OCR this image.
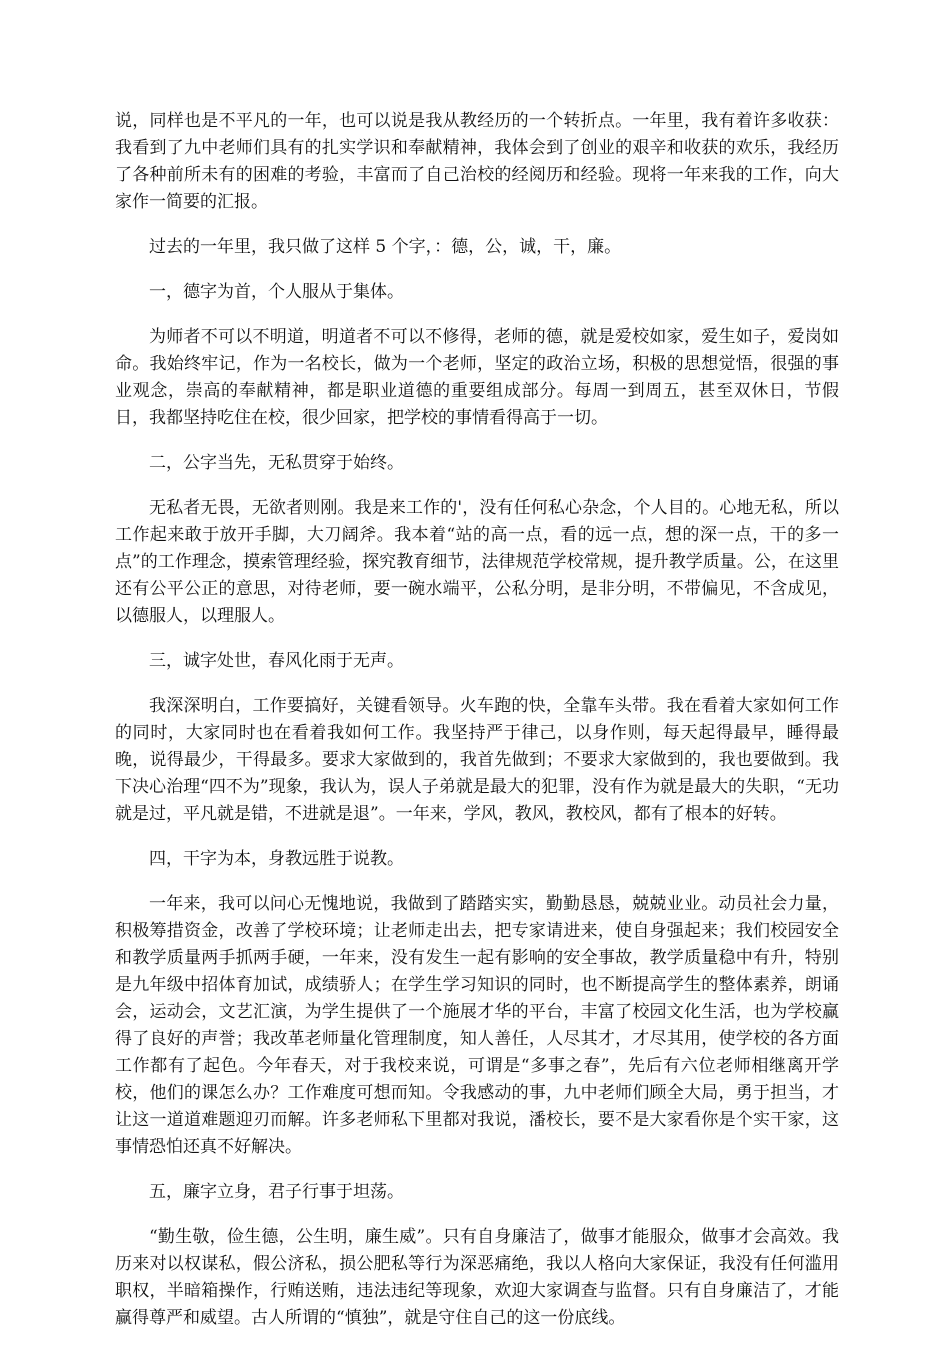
说，同样也是不平凡的一年，也可以说是我从教经历的一个转折点。一年里，我有着许多收获：我看到了九中老师们具有的扎实学识和奉献精神，我体会到了创业的艰辛和收获的欢乐，我经历了各种前所未有的困难的考验，丰富而了自己治校的经阅历和经验。现将一年来我的工作，向大家作一简要的汇报。

过去的一年里，我只做了这样 5 个字，：德，公，诚，干，廉。

一，德字为首，个人服从于集体。

为师者不可以不明道，明道者不可以不修得，老师的德，就是爱校如家，爱生如子，爱岗如命。我始终牢记，作为一名校长，做为一个老师，坚定的政治立场，积极的思想觉悟，很强的事业观念，崇高的奉献精神，都是职业道德的重要组成部分。每周一到周五，甚至双休日，节假日，我都坚持吃住在校，很少回家，把学校的事情看得高于一切。

二，公字当先，无私贯穿于始终。

无私者无畏，无欲者则刚。我是来工作的'，没有任何私心杂念，个人目的。心地无私，所以工作起来敢于放开手脚，大刀阔斧。我本着“站的高一点，看的远一点，想的深一点，干的多一点”的工作理念，摸索管理经验，探究教育细节，法律规范学校常规，提升教学质量。公，在这里还有公平公正的意思，对待老师，要一碗水端平，公私分明，是非分明，不带偏见，不含成见，以德服人，以理服人。

三，诚字处世，春风化雨于无声。

我深深明白，工作要搞好，关键看领导。火车跑的快，全靠车头带。我在看着大家如何工作的同时，大家同时也在看着我如何工作。我坚持严于律己，以身作则，每天起得最早，睡得最晚，说得最少，干得最多。要求大家做到的，我首先做到；不要求大家做到的，我也要做到。我下决心治理“四不为”现象，我认为，误人子弟就是最大的犯罪，没有作为就是最大的失职，“无功就是过，平凡就是错，不进就是退”。一年来，学风，教风，教校风，都有了根本的好转。

四，干字为本，身教远胜于说教。

一年来，我可以问心无愧地说，我做到了踏踏实实，勤勤恳恳，兢兢业业。动员社会力量，积极筹措资金，改善了学校环境；让老师走出去，把专家请进来，使自身强起来；我们校园安全和教学质量两手抓两手硬，一年来，没有发生一起有影响的安全事故，教学质量稳中有升，特别是九年级中招体育加试，成绩骄人；在学生学习知识的同时，也不断提高学生的整体素养，朗诵会，运动会，文艺汇演，为学生提供了一个施展才华的平台，丰富了校园文化生活，也为学校赢得了良好的声誉；我改革老师量化管理制度，知人善任，人尽其才，才尽其用，使学校的各方面工作都有了起色。今年春天，对于我校来说，可谓是“多事之春”，先后有六位老师相继离开学校，他们的课怎么办？工作难度可想而知。令我感动的事，九中老师们顾全大局，勇于担当，才让这一道道难题迎刃而解。许多老师私下里都对我说，潘校长，要不是大家看你是个实干家，这事情恐怕还真不好解决。

五，廉字立身，君子行事于坦荡。

“勤生敬，俭生德，公生明，廉生威”。只有自身廉洁了，做事才能服众，做事才会高效。我历来对以权谋私，假公济私，损公肥私等行为深恶痛绝，我以人格向大家保证，我没有任何滥用职权，半暗箱操作，行贿送贿，违法违纪等现象，欢迎大家调查与监督。只有自身廉洁了，才能赢得尊严和威望。古人所谓的“慎独”，就是守住自己的这一份底线。
